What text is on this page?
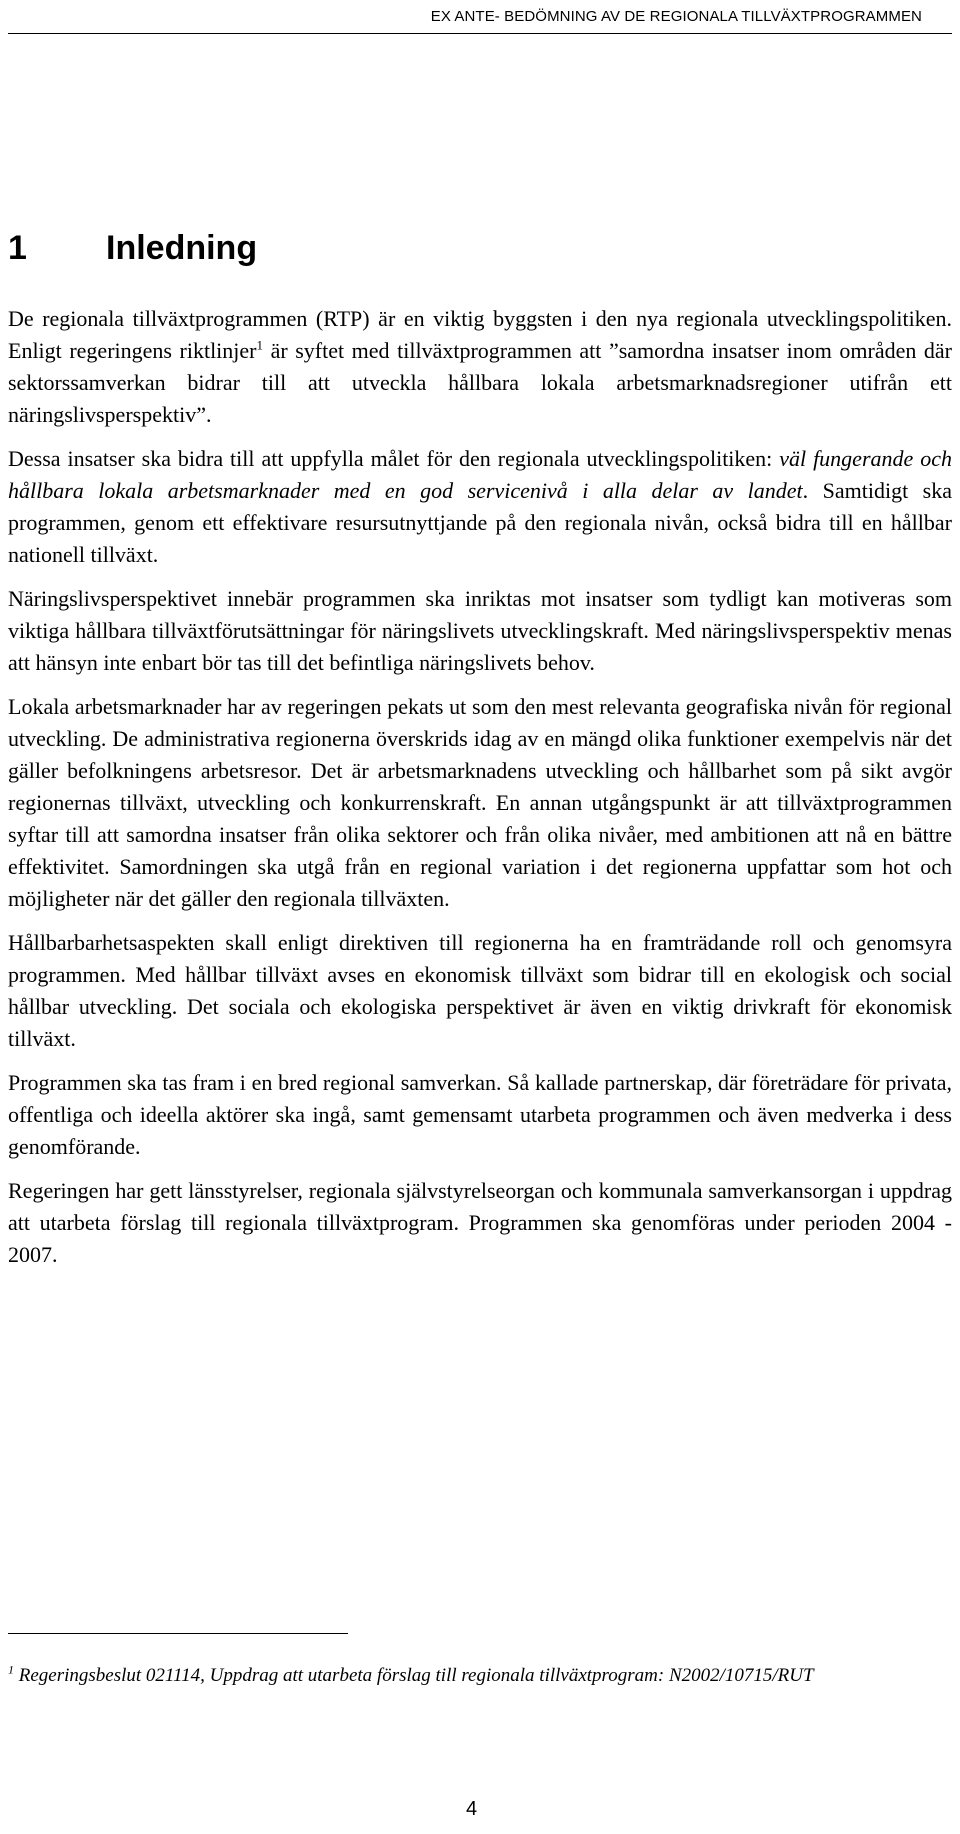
EX ANTE- BEDÖMNING AV DE REGIONALA TILLVÄXTPROGRAMMEN
1 Inledning

De regionala tillväxtprogrammen (RTP) är en viktig byggsten i den nya regionala utvecklingspolitiken. Enligt regeringens riktlinjer$^1$ är syftet med tillväxtprogrammen att ”samordna insatser inom områden där sektorssamverkan bidrar till att utveckla hållbara lokala arbetsmarknadsregioner utifrån ett näringslivsperspektiv”.

Dessa insatser ska bidra till att uppfylla målet för den regionala utvecklingspolitiken: väl fungerande och hållbara lokala arbetsmarknader med en god servicenivå i alla delar av landet. Samtidigt ska programmen, genom ett effektivare resursutnyttjande på den regionala nivån, också bidra till en hållbar nationell tillväxt.

Näringslivsperspektivet innebär programmen ska inriktas mot insatser som tydligt kan motiveras som viktiga hållbara tillväxtförutsättningar för näringslivets utvecklingskraft. Med näringslivsperspektiv menas att hänsyn inte enbart bör tas till det befintliga näringslivets behov.

Lokala arbetsmarknader har av regeringen pekats ut som den mest relevanta geografiska nivån för regional utveckling. De administrativa regionerna överskrids idag av en mängd olika funktioner exempelvis när det gäller befolkningens arbetsresor. Det är arbetsmarknadens utveckling och hållbarhet som på sikt avgör regionernas tillväxt, utveckling och konkurrenskraft. En annan utgångspunkt är att tillväxtprogrammen syftar till att samordna insatser från olika sektorer och från olika nivåer, med ambitionen att nå en bättre effektivitet. Samordningen ska utgå från en regional variation i det regionerna uppfattar som hot och möjligheter när det gäller den regionala tillväxten.

Hållbarbarhetsaspekten skall enligt direktiven till regionerna ha en framträdande roll och genomsyra programmen. Med hållbar tillväxt avses en ekonomisk tillväxt som bidrar till en ekologisk och social hållbar utveckling. Det sociala och ekologiska perspektivet är även en viktig drivkraft för ekonomisk tillväxt.

Programmen ska tas fram i en bred regional samverkan. Så kallade partnerskap, där företrädare för privata, offentliga och ideella aktörer ska ingå, samt gemensamt utarbeta programmen och även medverka i dess genomförande.

Regeringen har gett länsstyrelser, regionala självstyrelseorgan och kommunala samverkansorgan i uppdrag att utarbeta förslag till regionala tillväxtprogram. Programmen ska genomföras under perioden 2004 - 2007.

$^1$ Regeringsbeslut 021114, Uppdrag att utarbeta förslag till regionala tillväxtprogram: N2002/10715/RUT

4
